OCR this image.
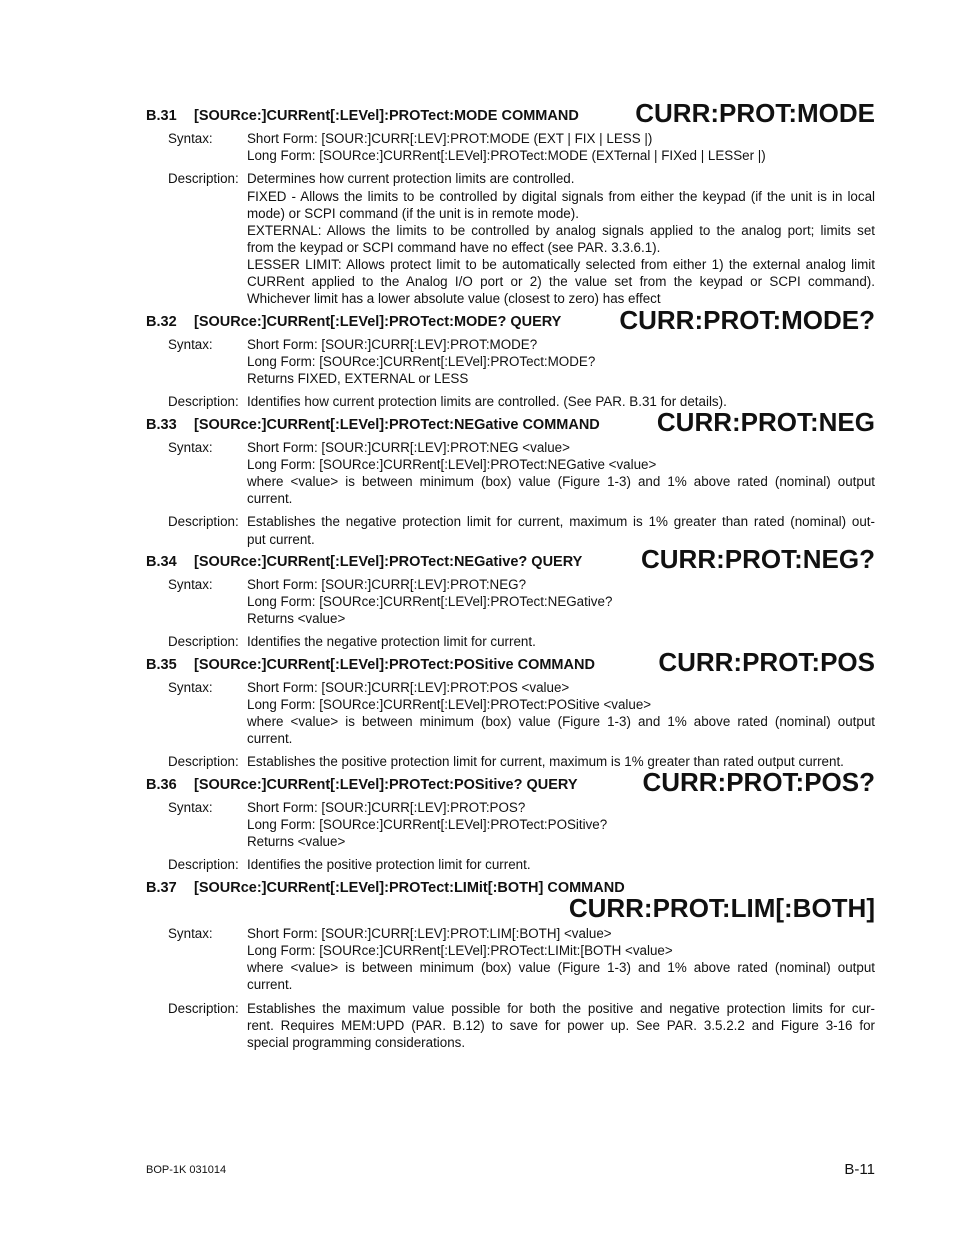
B.31 [SOURce:]CURRent[:LEVel]:PROTect:MODE COMMAND CURR:PROT:MODE
Syntax:	Short Form: [SOUR:]CURR[:LEV]:PROT:MODE (EXT | FIX | LESS |)
Long Form: [SOURce:]CURRent[:LEVel]:PROTect:MODE (EXTernal | FIXed | LESSer |)
Description: Determines how current protection limits are controlled.
FIXED - Allows the limits to be controlled by digital signals from either the keypad (if the unit is in local
mode) or SCPI command (if the unit is in remote mode).
EXTERNAL: Allows the limits to be controlled by analog signals applied to the analog port; limits set
from the keypad or SCPI command have no effect (see PAR. 3.3.6.1).
LESSER LIMIT: Allows protect limit to be automatically selected from either 1) the external analog limit
CURRent applied to the Analog I/O port or 2) the value set from the keypad or SCPI command).
Whichever limit has a lower absolute value (closest to zero) has effect
B.32 [SOURce:]CURRent[:LEVel]:PROTect:MODE? QUERY CURR:PROT:MODE?
Syntax:	Short Form: [SOUR:]CURR[:LEV]:PROT:MODE?
Long Form: [SOURce:]CURRent[:LEVel]:PROTect:MODE?
Returns FIXED, EXTERNAL or LESS
Description: Identifies how current protection limits are controlled. (See PAR. B.31 for details).
B.33 [SOURce:]CURRent[:LEVel]:PROTect:NEGative COMMAND CURR:PROT:NEG
Syntax:	Short Form: [SOUR:]CURR[:LEV]:PROT:NEG <value>
Long Form: [SOURce:]CURRent[:LEVel]:PROTect:NEGative <value>
where <value> is between minimum (box) value (Figure 1-3) and 1% above rated (nominal) output
current.
Description: Establishes the negative protection limit for current, maximum is 1% greater than rated (nominal) out-
put current.
B.34 [SOURce:]CURRent[:LEVel]:PROTect:NEGative? QUERY CURR:PROT:NEG?
Syntax:	Short Form: [SOUR:]CURR[:LEV]:PROT:NEG?
Long Form: [SOURce:]CURRent[:LEVel]:PROTect:NEGative?
Returns <value>
Description: Identifies the negative protection limit for current.
B.35 [SOURce:]CURRent[:LEVel]:PROTect:POSitive COMMAND CURR:PROT:POS
Syntax:	Short Form: [SOUR:]CURR[:LEV]:PROT:POS <value>
Long Form: [SOURce:]CURRent[:LEVel]:PROTect:POSitive <value>
where <value> is between minimum (box) value (Figure 1-3) and 1% above rated (nominal) output
current.
Description: Establishes the positive protection limit for current, maximum is 1% greater than rated output current.
B.36 [SOURce:]CURRent[:LEVel]:PROTect:POSitive? QUERY CURR:PROT:POS?
Syntax:	Short Form: [SOUR:]CURR[:LEV]:PROT:POS?
Long Form: [SOURce:]CURRent[:LEVel]:PROTect:POSitive?
Returns <value>
Description: Identifies the positive protection limit for current.
B.37 [SOURce:]CURRent[:LEVel]:PROTect:LIMit[:BOTH] COMMAND
CURR:PROT:LIM[:BOTH]
Syntax:	Short Form: [SOUR:]CURR[:LEV]:PROT:LIM[:BOTH] <value>
Long Form: [SOURce:]CURRent[:LEVel]:PROTect:LIMit:[BOTH <value>
where <value> is between minimum (box) value (Figure 1-3) and 1% above rated (nominal) output
current.
Description: Establishes the maximum value possible for both the positive and negative protection limits for cur-
rent. Requires MEM:UPD (PAR. B.12) to save for power up. See PAR. 3.5.2.2 and Figure 3-16 for
special programming considerations.
BOP-1K 031014	B-11
